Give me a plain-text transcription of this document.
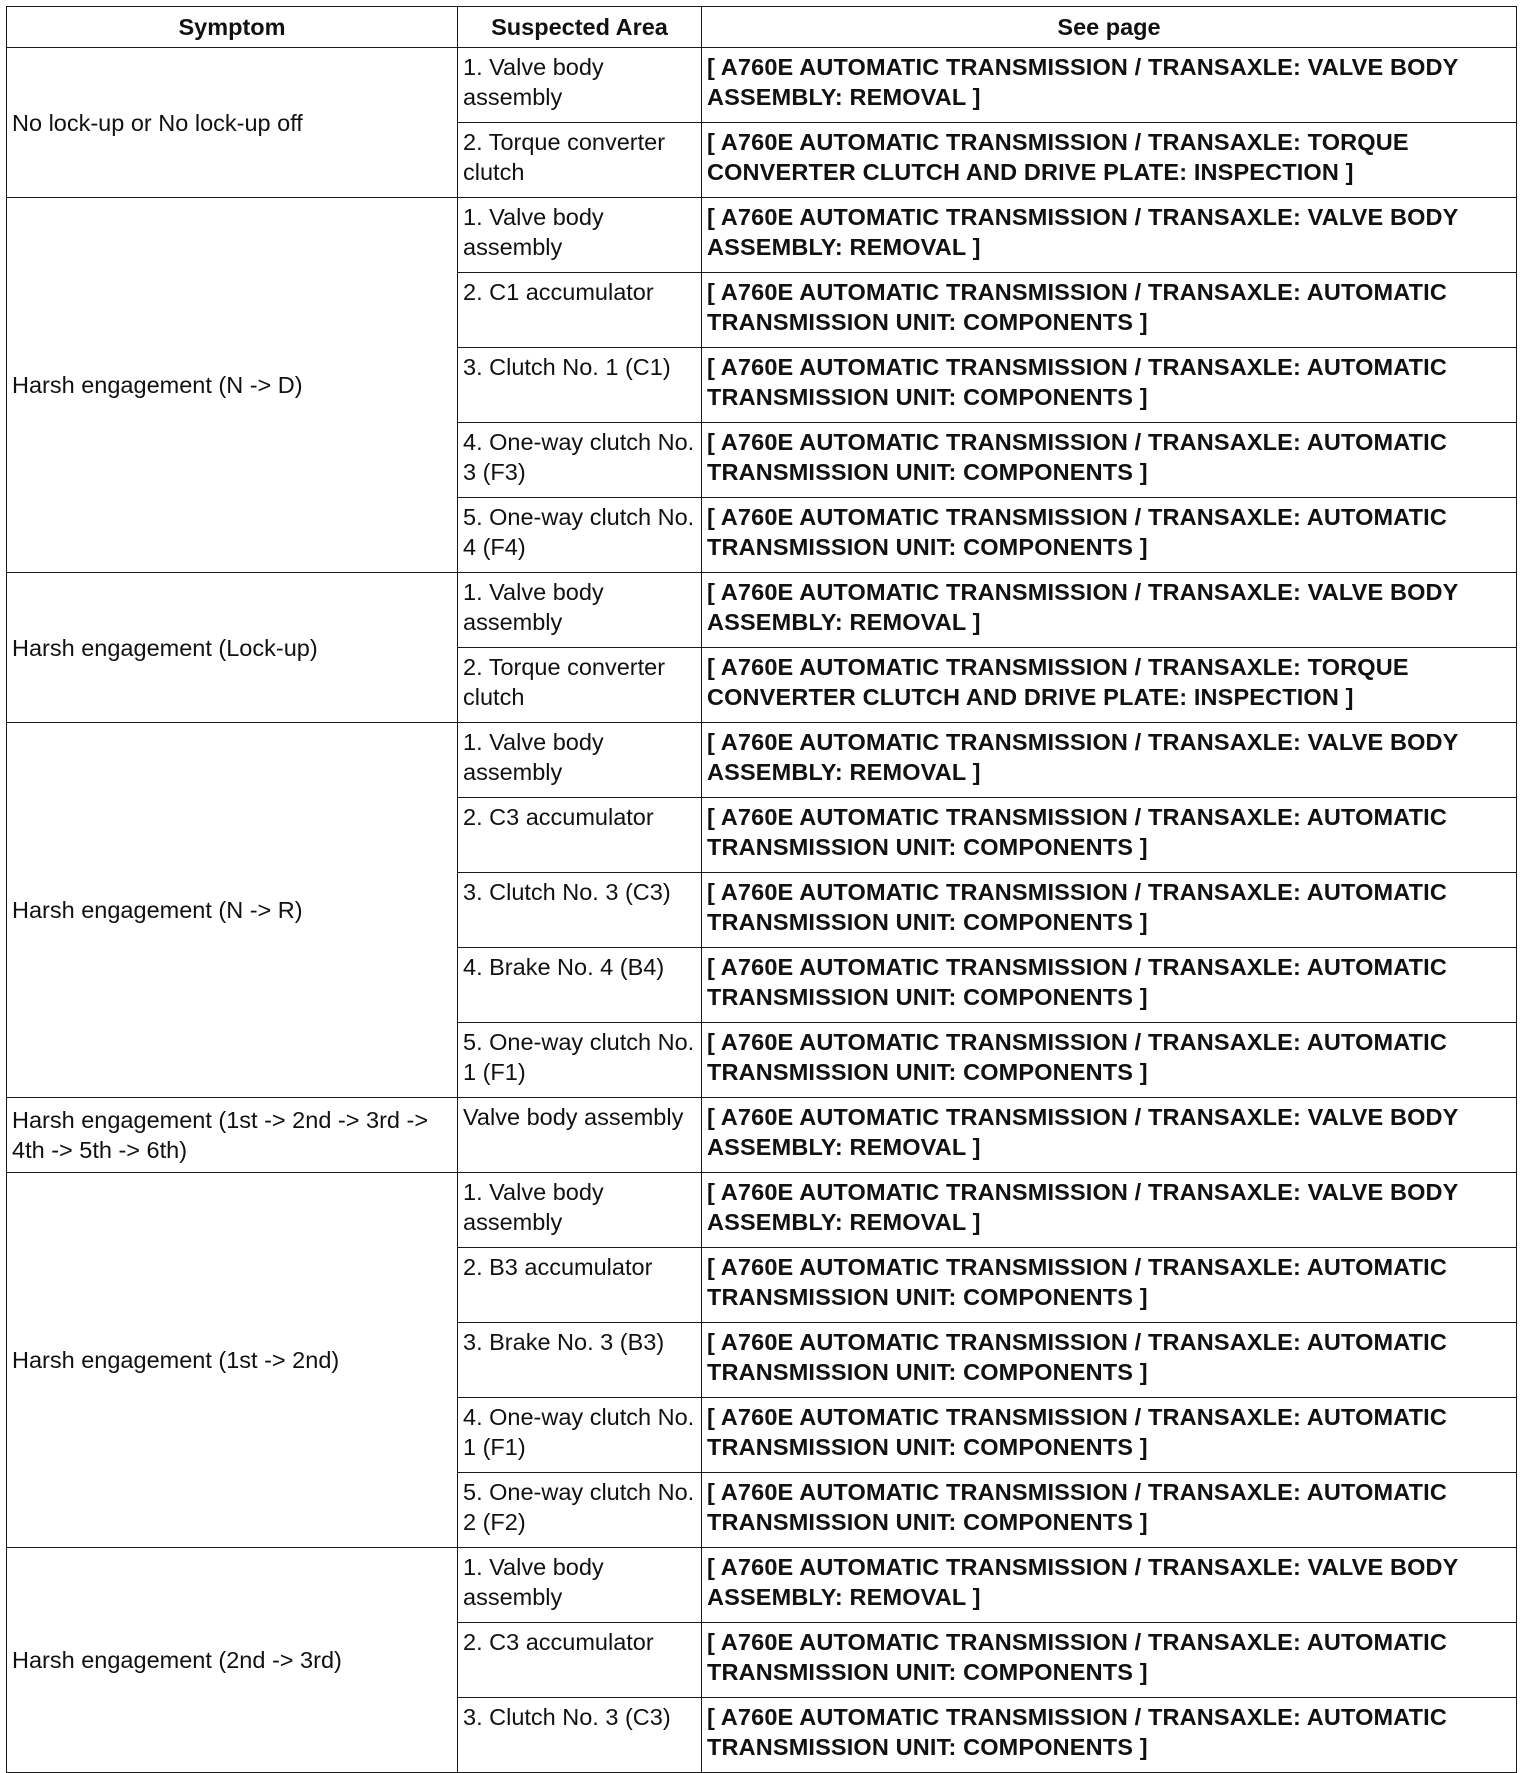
Symptom	Suspected Area	See page
No lock-up or No lock-up off	1. Valve body assembly	[ A760E AUTOMATIC TRANSMISSION / TRANSAXLE: VALVE BODY ASSEMBLY: REMOVAL ]
	2. Torque converter clutch	[ A760E AUTOMATIC TRANSMISSION / TRANSAXLE: TORQUE CONVERTER CLUTCH AND DRIVE PLATE: INSPECTION ]
Harsh engagement (N -> D)	1. Valve body assembly	[ A760E AUTOMATIC TRANSMISSION / TRANSAXLE: VALVE BODY ASSEMBLY: REMOVAL ]
	2. C1 accumulator	[ A760E AUTOMATIC TRANSMISSION / TRANSAXLE: AUTOMATIC TRANSMISSION UNIT: COMPONENTS ]
	3. Clutch No. 1 (C1)	[ A760E AUTOMATIC TRANSMISSION / TRANSAXLE: AUTOMATIC TRANSMISSION UNIT: COMPONENTS ]
	4. One-way clutch No. 3 (F3)	[ A760E AUTOMATIC TRANSMISSION / TRANSAXLE: AUTOMATIC TRANSMISSION UNIT: COMPONENTS ]
	5. One-way clutch No. 4 (F4)	[ A760E AUTOMATIC TRANSMISSION / TRANSAXLE: AUTOMATIC TRANSMISSION UNIT: COMPONENTS ]
Harsh engagement (Lock-up)	1. Valve body assembly	[ A760E AUTOMATIC TRANSMISSION / TRANSAXLE: VALVE BODY ASSEMBLY: REMOVAL ]
	2. Torque converter clutch	[ A760E AUTOMATIC TRANSMISSION / TRANSAXLE: TORQUE CONVERTER CLUTCH AND DRIVE PLATE: INSPECTION ]
Harsh engagement (N -> R)	1. Valve body assembly	[ A760E AUTOMATIC TRANSMISSION / TRANSAXLE: VALVE BODY ASSEMBLY: REMOVAL ]
	2. C3 accumulator	[ A760E AUTOMATIC TRANSMISSION / TRANSAXLE: AUTOMATIC TRANSMISSION UNIT: COMPONENTS ]
	3. Clutch No. 3 (C3)	[ A760E AUTOMATIC TRANSMISSION / TRANSAXLE: AUTOMATIC TRANSMISSION UNIT: COMPONENTS ]
	4. Brake No. 4 (B4)	[ A760E AUTOMATIC TRANSMISSION / TRANSAXLE: AUTOMATIC TRANSMISSION UNIT: COMPONENTS ]
	5. One-way clutch No. 1 (F1)	[ A760E AUTOMATIC TRANSMISSION / TRANSAXLE: AUTOMATIC TRANSMISSION UNIT: COMPONENTS ]
Harsh engagement (1st -> 2nd -> 3rd -> 4th -> 5th -> 6th)	Valve body assembly	[ A760E AUTOMATIC TRANSMISSION / TRANSAXLE: VALVE BODY ASSEMBLY: REMOVAL ]
Harsh engagement (1st -> 2nd)	1. Valve body assembly	[ A760E AUTOMATIC TRANSMISSION / TRANSAXLE: VALVE BODY ASSEMBLY: REMOVAL ]
	2. B3 accumulator	[ A760E AUTOMATIC TRANSMISSION / TRANSAXLE: AUTOMATIC TRANSMISSION UNIT: COMPONENTS ]
	3. Brake No. 3 (B3)	[ A760E AUTOMATIC TRANSMISSION / TRANSAXLE: AUTOMATIC TRANSMISSION UNIT: COMPONENTS ]
	4. One-way clutch No. 1 (F1)	[ A760E AUTOMATIC TRANSMISSION / TRANSAXLE: AUTOMATIC TRANSMISSION UNIT: COMPONENTS ]
	5. One-way clutch No. 2 (F2)	[ A760E AUTOMATIC TRANSMISSION / TRANSAXLE: AUTOMATIC TRANSMISSION UNIT: COMPONENTS ]
Harsh engagement (2nd -> 3rd)	1. Valve body assembly	[ A760E AUTOMATIC TRANSMISSION / TRANSAXLE: VALVE BODY ASSEMBLY: REMOVAL ]
	2. C3 accumulator	[ A760E AUTOMATIC TRANSMISSION / TRANSAXLE: AUTOMATIC TRANSMISSION UNIT: COMPONENTS ]
	3. Clutch No. 3 (C3)	[ A760E AUTOMATIC TRANSMISSION / TRANSAXLE: AUTOMATIC TRANSMISSION UNIT: COMPONENTS ]
